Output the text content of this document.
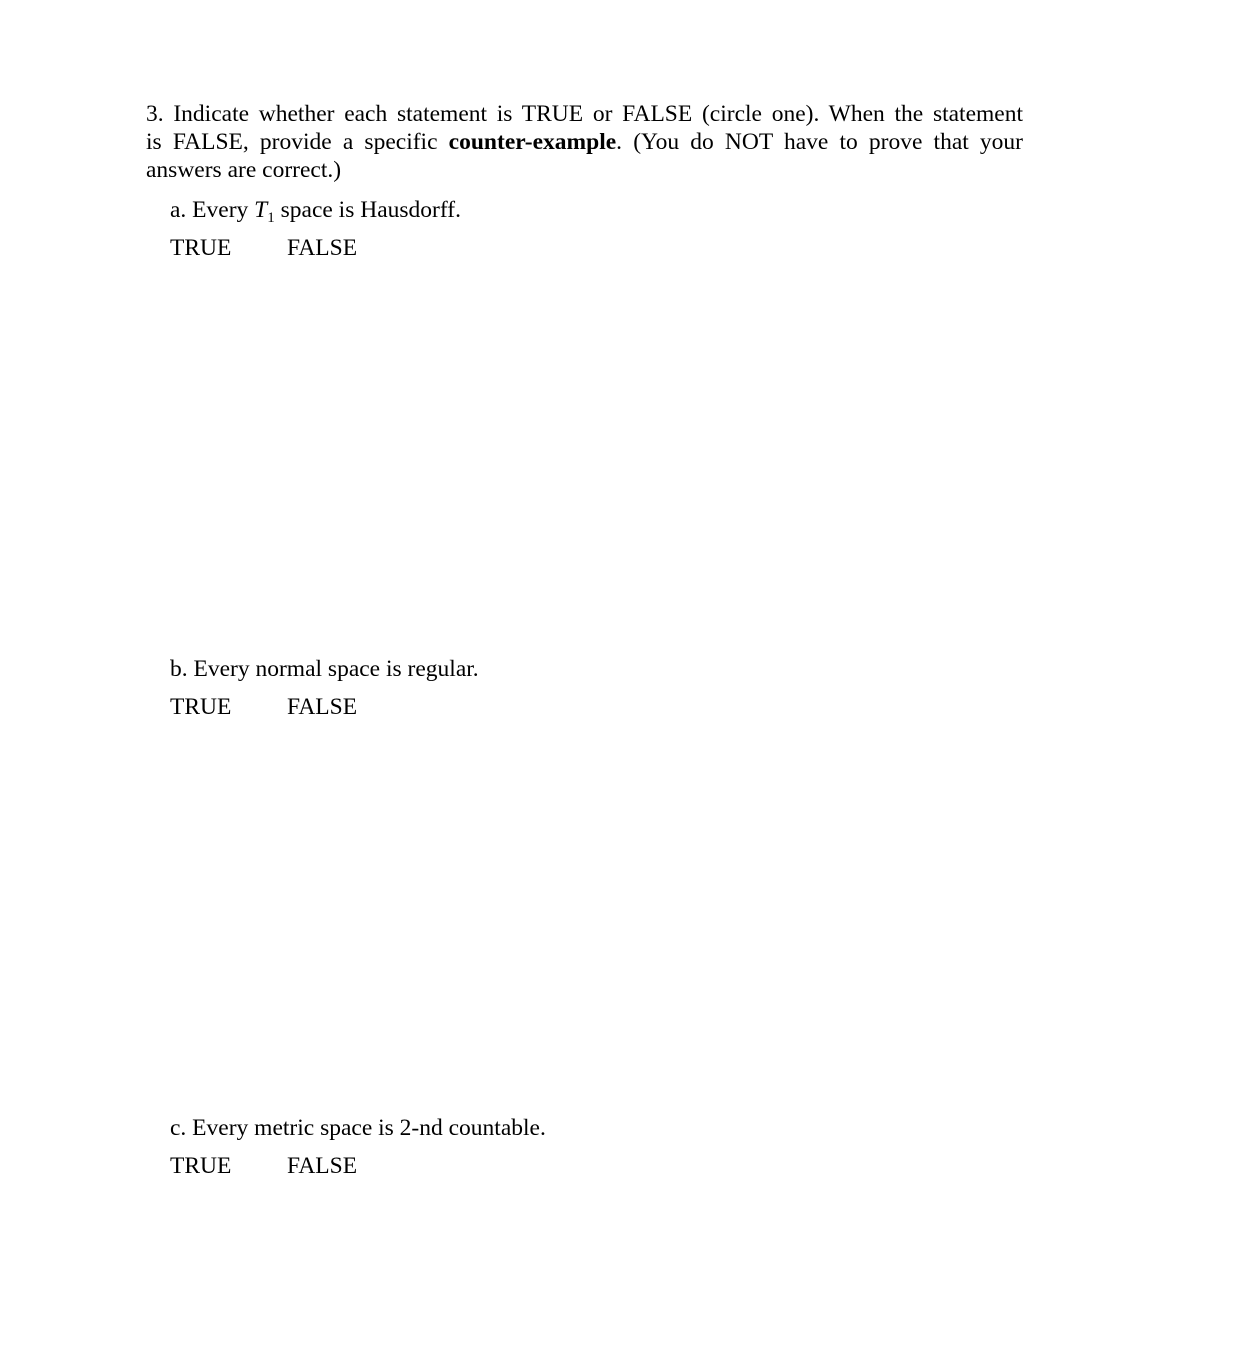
3. Indicate whether each statement is TRUE or FALSE (circle one). When the statement
is FALSE, provide a specific counter-example. (You do NOT have to prove that your
answers are correct.)
a. Every $T_1$ space is Hausdorff.
TRUE FALSE
b. Every normal space is regular.
TRUE FALSE
c. Every metric space is 2-nd countable.
TRUE FALSE
